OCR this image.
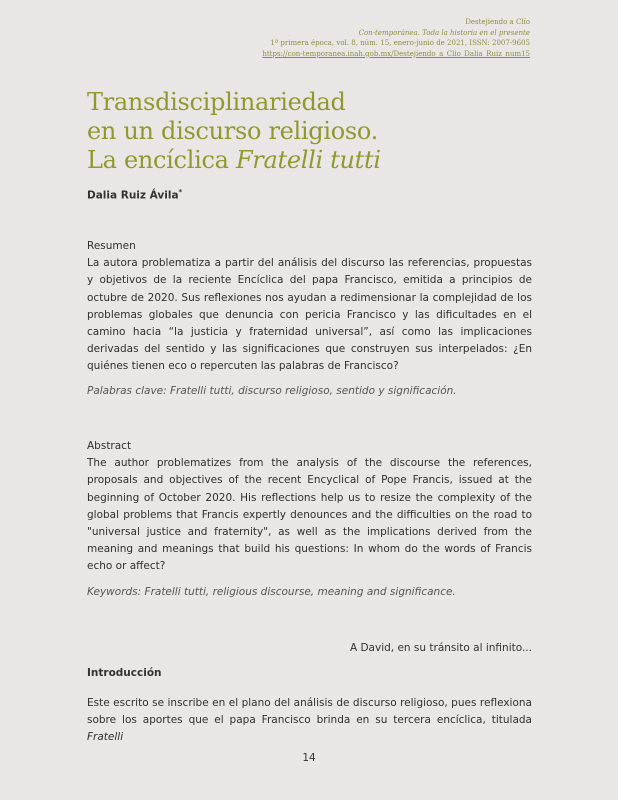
Destejiendo a Clío
Con-temporánea. Toda la historia en el presente
1ª primera época, vol. 8, núm. 15, enero-junio de 2021, ISSN: 2007-9605
https://con-temporanea.inah.gob.mx/Destejiendo_a_Clio_Dalia_Ruiz_num15
Transdisciplinariedad
en un discurso religioso.
La encíclica Fratelli tutti
Dalia Ruiz Ávila*
Resumen
La autora problematiza a partir del análisis del discurso las referencias, propuestas y objetivos de la reciente Encíclica del papa Francisco, emitida a principios de octubre de 2020. Sus reflexiones nos ayudan a redimensionar la complejidad de los problemas globales que denuncia con pericia Francisco y las dificultades en el camino hacia “la justicia y fraternidad universal”, así como las implicaciones derivadas del sentido y las significaciones que construyen sus interpelados: ¿En quiénes tienen eco o repercuten las palabras de Francisco?
Palabras clave: Fratelli tutti, discurso religioso, sentido y significación.
Abstract
The author problematizes from the analysis of the discourse the references, proposals and objectives of the recent Encyclical of Pope Francis, issued at the beginning of October 2020. His reflections help us to resize the complexity of the global problems that Francis expertly denounces and the difficulties on the road to "universal justice and fraternity", as well as the implications derived from the meaning and meanings that build his questions: In whom do the words of Francis echo or affect?
Keywords: Fratelli tutti, religious discourse, meaning and significance.
A David, en su tránsito al infinito...
Introducción
Este escrito se inscribe en el plano del análisis de discurso religioso, pues reflexiona sobre los aportes que el papa Francisco brinda en su tercera encíclica, titulada Fratelli
14
